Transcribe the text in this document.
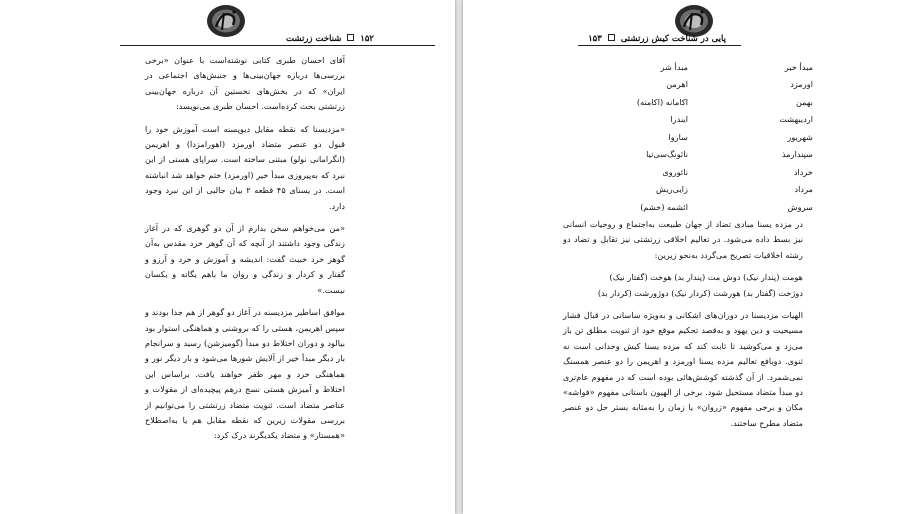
۱۵۲  شناخت زرتشت

آقای احسان طبری کتابی نوشته‌است با عنوان «برخی بررسی‌ها درباره جهان‌بینی‌ها و جنبش‌های اجتماعی در ایران» که در بخش‌های نخستین آن درباره جهان‌بینی زرتشتی بحث کرده‌است. احسان طبری می‌نویسد:

«مزدیسنا که نقطه مقابل دیوپسنه است آموزش خود را قبول دو عنصر متضاد اورمزد (اهورامزدا) و اهریمن (انگرامانی نولو) مبتنی ساخته است. سراپای هستی از این نبرد که به‌پیروزی مبدأ خیر (اورمزد) ختم خواهد شد انباشته است. در یسنای ۴۵ قطعه ۲ بیان جالبی از این نبرد وجود دارد.

«من می‌خواهم سخن بدارم از آن دو گوهری که در آغاز زندگی وجود داشتند از آنچه که آن گوهر خرد مقدس به‌آن گوهر خرد خبیث گفت: اندیشه و آموزش و خرد و آرزو و گفتار و کردار و زندگی و روان ما باهم یگانه و یکسان نیست.»

موافق اساطیر مزدیسنه در آغاز دو گوهر از هم جدا بودند و سپس اهریمن، هستی را که بروشنی و هماهنگی استوار بود بیالود و دوران اختلاط دو مبدأ (گومیزشن) رسید و سرانجام بار دیگر مبدأ خیر از آلایش شورها می‌شود و بار دیگر نور و هماهنگی خرد و مهر ظفر خواهند یافت. براساس این اختلاط و آمیزش هستی نسج درهم پیچیده‌ای از مقولات و عناصر متضاد است. ثنویت متضاد زرتشتی را می‌توانیم از بررسی مقولات زیرین که نقطه مقابل هم یا به‌اصطلاح «همستار» و متضاد یکدیگرند درک کرد:

پایی در شناخت کیش زرتشتی  ۱۵۳
مبدأ خیر	مبدأ شر
اورمزد	اهرمن
بهمن	اکامانه (اکامنه)
اردیبهشت	ایندرا
شهریور	ساروا
سپندارمذ	نائونگ‌سی‌تیا
خرداد	نائوروی
مرداد	زایی‌ریش
سروش	ائشمه (خشم)

در مزده یسنا مبادی تضاد از جهان طبیعت به‌اجتماع و روحیات انسانی نیز بسط داده می‌شود. در تعالیم اخلاقی زرتشتی نیز تقابل و تضاد دو رشته اخلاقیات تصریح می‌گردد به‌نحو زیرین:

هومت (پندار نیک) دوش مت (پندار بد) هوخت (گفتار نیک)

دوژخت (گفتار بد) هورشت (کردار نیک) دوژورشت (کردار بد)

الهیات مزدیسنا در دوران‌های اشکانی و به‌ویژه ساسانی در قبال فشار مسیحیت و دین یهود و به‌قصد تحکیم موقع خود از ثنویت مطلق تن باز می‌زد و می‌کوشید تا ثابت کند که مزده یسنا کیش وحدانی است نه ثنوی. دوبافع تعالیم مزده یسنا اورمزد و اهریمن را دو عنصر همسنگ نمی‌شمرد. از آن گذشته کوشش‌هائی بوده است که در مفهوم عام‌تری دو مبدأ متضاد مستحیل شود. برخی از الهیون باستانی مفهوم «فواشه» مکان و برخی مفهوم «زروان» یا زمان را به‌مثابه بستر حل دو عنصر متضاد مطرح ساختند.
